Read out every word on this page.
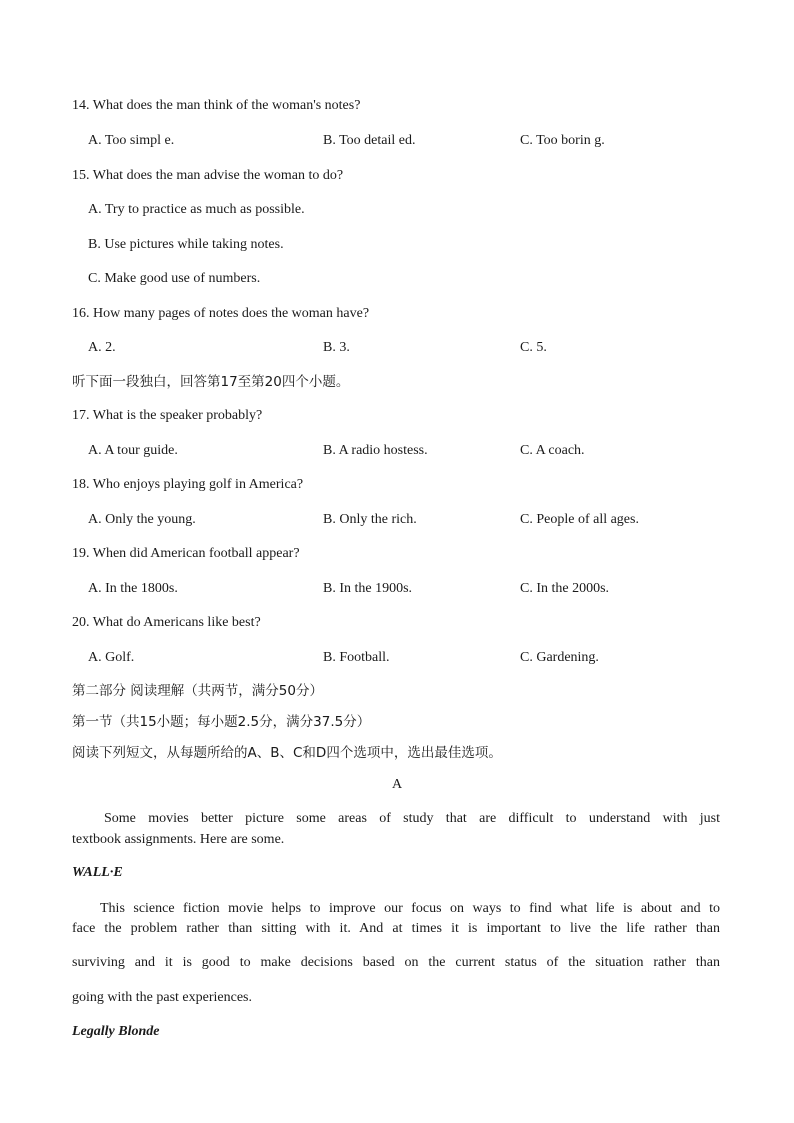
14. What does the man think of the woman's notes?
A. Too simpl e.	B. Too detail ed.	C. Too borin g.
15. What does the man advise the woman to do?
A. Try to practice as much as possible.
B. Use pictures while taking notes.
C. Make good use of numbers.
16. How many pages of notes does the woman have?
A. 2.	B. 3.	C. 5.
听下面一段独白，回答第17至第20四个小题。
17. What is the speaker probably?
A. A tour guide.	B. A radio hostess.	C. A coach.
18. Who enjoys playing golf in America?
A. Only the young.	B. Only the rich.	C. People of all ages.
19. When did American football appear?
A. In the 1800s.	B. In the 1900s.	C. In the 2000s.
20. What do Americans like best?
A. Golf.	B. Football.	C. Gardening.
第二部分 阅读理解（共两节，满分50分）
第一节（共15小题；每小题2.5分，满分37.5分）
阅读下列短文，从每题所给的A、B、C和D四个选项中，选出最佳选项。
A
Some movies better picture some areas of study that are difficult to understand with just
textbook assignments. Here are some.
WALL·E
This science fiction movie helps to improve our focus on ways to find what life is about and to
face the problem rather than sitting with it. And at times it is important to live the life rather than
surviving and it is good to make decisions based on the current status of the situation rather than
going with the past experiences.
Legally Blonde
